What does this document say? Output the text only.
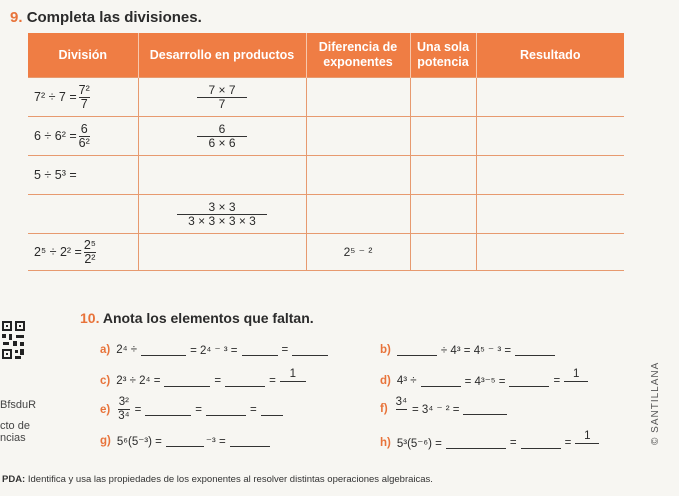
9. Completa las divisiones.
División	Desarrollo en productos	Diferencia de exponentes	Una sola potencia	Resultado

$7^2 \div 7 = \frac{\text{7²}}{7}$	$\frac{7 \times 7}{7}$

$6 \div 6^2 = \frac{6}{\text{6²}}$	$\frac{6}{6 \times 6}$

5 ÷ 5³ =				

	$\frac{3 \times 3}{3 \times 3 \times 3 \times 3}$

$2^5 \div 2^2 = \frac{\text{2⁵}}{\text{2²}}$		2⁵ ⁻ ²		
10. Anota los elementos que faltan.
BfsduR
cto de
ncias
a) 2⁴ ÷	= 2⁴ ⁻ ³ =	=	b)	÷ 4³ = 4⁵ ⁻ ³ =
c) 2³ ÷ 2⁴ =	=	=
1
d) 4³ ÷	= 4³⁻⁵ =	=
1
$e) \frac{\text{3²}}{\text{3⁴}}$ =	=	=	f)
3⁴
= 3⁴ ⁻ ² =
g) 5⁶(5⁻³) =	⁻³ =	h) 5³(5⁻⁶) =	=	=
1	© SANTILLANA
PDA: Identifica y usa las propiedades de los exponentes al resolver distintas operaciones algebraicas.
